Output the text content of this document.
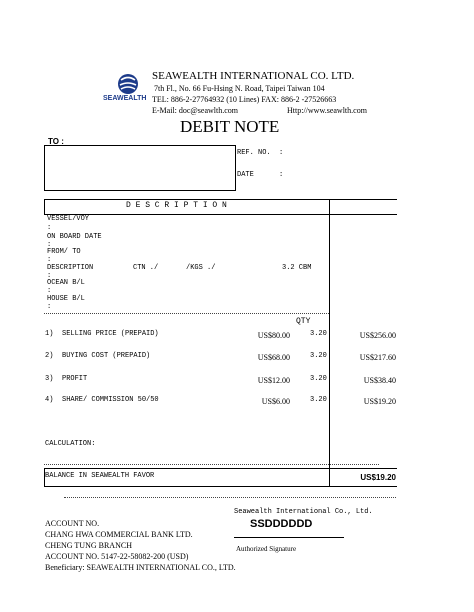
SEAWEALTH
SEAWEALTH INTERNATIONAL CO. LTD.
7th Fl., No. 66 Fu-Hsing N. Road, Taipei Taiwan 104
TEL: 886-2-27764932 (10 Lines) FAX: 886-2 -27526663
E-Mail: doc@seawlth.com	Http://www.seawlth.com
DEBIT NOTE
TO :
REF. NO. :
DATE	:
D E S C R I P T I O N
VESSEL/VOY
:
ON BOARD DATE
:
FROM/ TO
:
DESCRIPTION	CTN ./	/KGS ./	3.2 CBM
:
OCEAN B/L
:
HOUSE B/L
:
QTY
1) SELLING PRICE (PREPAID)	US$80.00	3.20	US$256.00
2) BUYING COST (PREPAID)	US$68.00	3.20	US$217.60
3) PROFIT	US$12.00	3.20	US$38.40
4) SHARE/ COMMISSION 50/50	US$6.00	3.20	US$19.20
CALCULATION:
BALANCE IN SEAWEALTH FAVOR	US$19.20
Seawealth International Co., Ltd.
SSDDDDDD
Authorized Signature
ACCOUNT NO.
CHANG HWA COMMERCIAL BANK LTD.
CHENG TUNG BRANCH
ACCOUNT NO. 5147-22-58082-200 (USD)
Beneficiary: SEAWEALTH INTERNATIONAL CO., LTD.
